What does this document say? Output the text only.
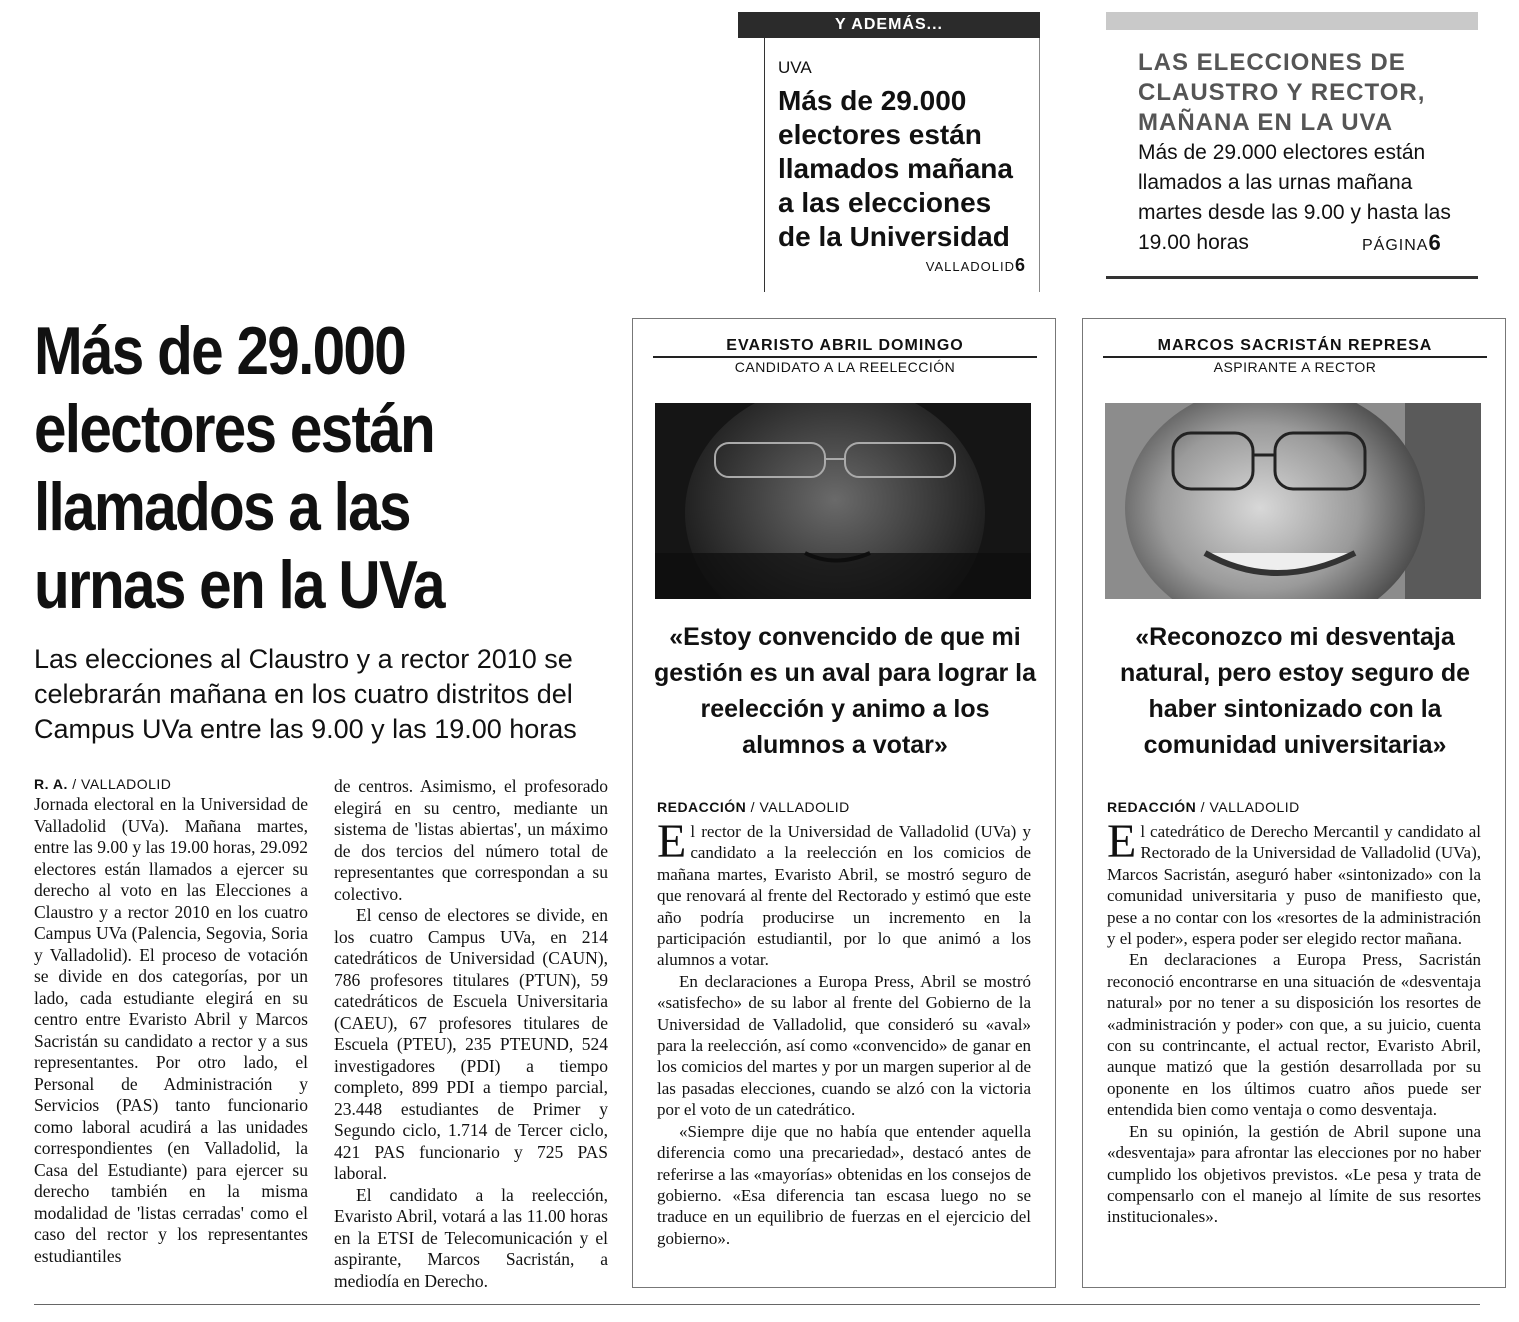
Y ADEMÁS...
UVA
Más de 29.000 electores están llamados mañana a las elecciones de la Universidad
VALLADOLID6
LAS ELECCIONES DE CLAUSTRO Y RECTOR, MAÑANA EN LA UVA
Más de 29.000 electores están llamados a las urnas mañana martes desde las 9.00 y hasta las 19.00 horas	PÁGINA6
Más de 29.000
electores están
llamados a las
urnas en la UVa
Las elecciones al Claustro y a rector 2010 se celebrarán mañana en los cuatro distritos del Campus UVa entre las 9.00 y las 19.00 horas
R. A. / VALLADOLID

Jornada electoral en la Universidad de Valladolid (UVa). Mañana martes, entre las 9.00 y las 19.00 horas, 29.092 electores están llamados a ejercer su derecho al voto en las Elecciones a Claustro y a rector 2010 en los cuatro Campus UVa (Palencia, Segovia, Soria y Valladolid). El proceso de votación se divide en dos categorías, por un lado, cada estudiante elegirá en su centro entre Evaristo Abril y Marcos Sacristán su candidato a rector y a sus representantes. Por otro lado, el Personal de Administración y Servicios (PAS) tanto funcionario como laboral acudirá a las unidades correspondientes (en Valladolid, la Casa del Estudiante) para ejercer su derecho también en la misma modalidad de 'listas cerradas' como el caso del rector y los representantes estudiantiles

de centros. Asimismo, el profesorado elegirá en su centro, mediante un sistema de 'listas abiertas', un máximo de dos tercios del número total de representantes que correspondan a su colectivo.

El censo de electores se divide, en los cuatro Campus UVa, en 214 catedráticos de Universidad (CAUN), 786 profesores titulares (PTUN), 59 catedráticos de Escuela Universitaria (CAEU), 67 profesores titulares de Escuela (PTEU), 235 PTEUND, 524 investigadores (PDI) a tiempo completo, 899 PDI a tiempo parcial, 23.448 estudiantes de Primer y Segundo ciclo, 1.714 de Tercer ciclo, 421 PAS funcionario y 725 PAS laboral.

El candidato a la reelección, Evaristo Abril, votará a las 11.00 horas en la ETSI de Telecomunicación y el aspirante, Marcos Sacristán, a mediodía en Derecho.

EVARISTO ABRIL DOMINGO
CANDIDATO A LA REELECCIÓN
«Estoy convencido de que mi gestión es un aval para lograr la reelección y animo a los alumnos a votar»
REDACCIÓN / VALLADOLID

El rector de la Universidad de Valladolid (UVa) y candidato a la reelección en los comicios de mañana martes, Evaristo Abril, se mostró seguro de que renovará al frente del Rectorado y estimó que este año podría producirse un incremento en la participación estudiantil, por lo que animó a los alumnos a votar.

En declaraciones a Europa Press, Abril se mostró «satisfecho» de su labor al frente del Gobierno de la Universidad de Valladolid, que consideró su «aval» para la reelección, así como «convencido» de ganar en los comicios del martes y por un margen superior al de las pasadas elecciones, cuando se alzó con la victoria por el voto de un catedrático.

«Siempre dije que no había que entender aquella diferencia como una precariedad», destacó antes de referirse a las «mayorías» obtenidas en los consejos de gobierno. «Esa diferencia tan escasa luego no se traduce en un equilibrio de fuerzas en el ejercicio del gobierno».

MARCOS SACRISTÁN REPRESA
ASPIRANTE A RECTOR
«Reconozco mi desventaja natural, pero estoy seguro de haber sintonizado con la comunidad universitaria»
REDACCIÓN / VALLADOLID

El catedrático de Derecho Mercantil y candidato al Rectorado de la Universidad de Valladolid (UVa), Marcos Sacristán, aseguró haber «sintonizado» con la comunidad universitaria y puso de manifiesto que, pese a no contar con los «resortes de la administración y el poder», espera poder ser elegido rector mañana.

En declaraciones a Europa Press, Sacristán reconoció encontrarse en una situación de «desventaja natural» por no tener a su disposición los resortes de «administración y poder» con que, a su juicio, cuenta con su contrincante, el actual rector, Evaristo Abril, aunque matizó que la gestión desarrollada por su oponente en los últimos cuatro años puede ser entendida bien como ventaja o como desventaja.

En su opinión, la gestión de Abril supone una «desventaja» para afrontar las elecciones por no haber cumplido los objetivos previstos. «Le pesa y trata de compensarlo con el manejo al límite de sus resortes institucionales».
